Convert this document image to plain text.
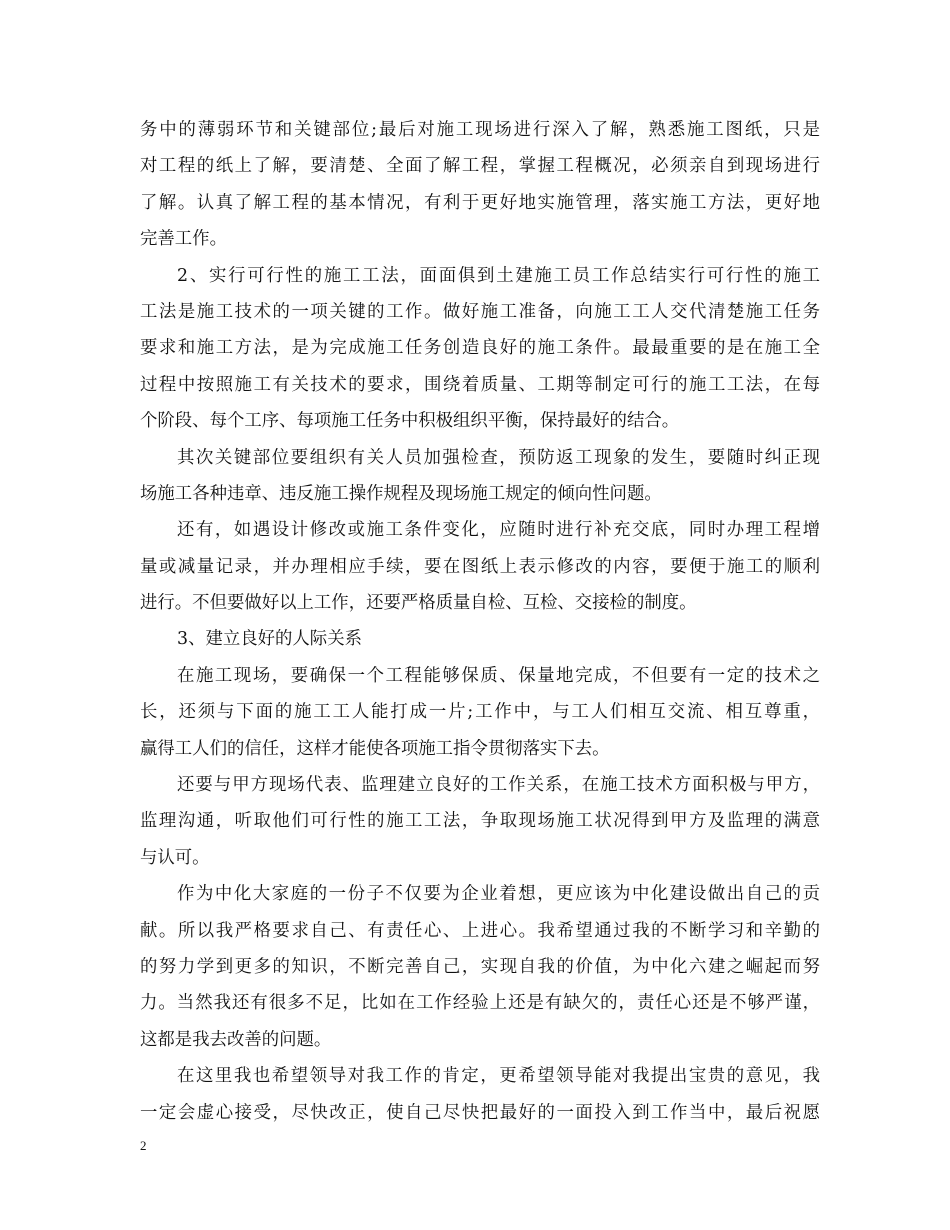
务中的薄弱环节和关键部位;最后对施工现场进行深入了解，熟悉施工图纸，只是
对工程的纸上了解，要清楚、全面了解工程，掌握工程概况，必须亲自到现场进行
了解。认真了解工程的基本情况，有利于更好地实施管理，落实施工方法，更好地
完善工作。
2、实行可行性的施工工法，面面俱到土建施工员工作总结实行可行性的施工
工法是施工技术的一项关键的工作。做好施工准备，向施工工人交代清楚施工任务
要求和施工方法，是为完成施工任务创造良好的施工条件。最最重要的是在施工全
过程中按照施工有关技术的要求，围绕着质量、工期等制定可行的施工工法，在每
个阶段、每个工序、每项施工任务中积极组织平衡，保持最好的结合。
其次关键部位要组织有关人员加强检查，预防返工现象的发生，要随时纠正现
场施工各种违章、违反施工操作规程及现场施工规定的倾向性问题。
还有，如遇设计修改或施工条件变化，应随时进行补充交底，同时办理工程增
量或减量记录，并办理相应手续，要在图纸上表示修改的内容，要便于施工的顺利
进行。不但要做好以上工作，还要严格质量自检、互检、交接检的制度。
3、建立良好的人际关系
在施工现场，要确保一个工程能够保质、保量地完成，不但要有一定的技术之
长，还须与下面的施工工人能打成一片;工作中，与工人们相互交流、相互尊重，
赢得工人们的信任，这样才能使各项施工指令贯彻落实下去。
还要与甲方现场代表、监理建立良好的工作关系，在施工技术方面积极与甲方，
监理沟通，听取他们可行性的施工工法，争取现场施工状况得到甲方及监理的满意
与认可。
作为中化大家庭的一份子不仅要为企业着想，更应该为中化建设做出自己的贡
献。所以我严格要求自己、有责任心、上进心。我希望通过我的不断学习和辛勤的
的努力学到更多的知识，不断完善自己，实现自我的价值，为中化六建之崛起而努
力。当然我还有很多不足，比如在工作经验上还是有缺欠的，责任心还是不够严谨，
这都是我去改善的问题。
在这里我也希望领导对我工作的肯定，更希望领导能对我提出宝贵的意见，我
一定会虚心接受，尽快改正，使自己尽快把最好的一面投入到工作当中，最后祝愿
2
